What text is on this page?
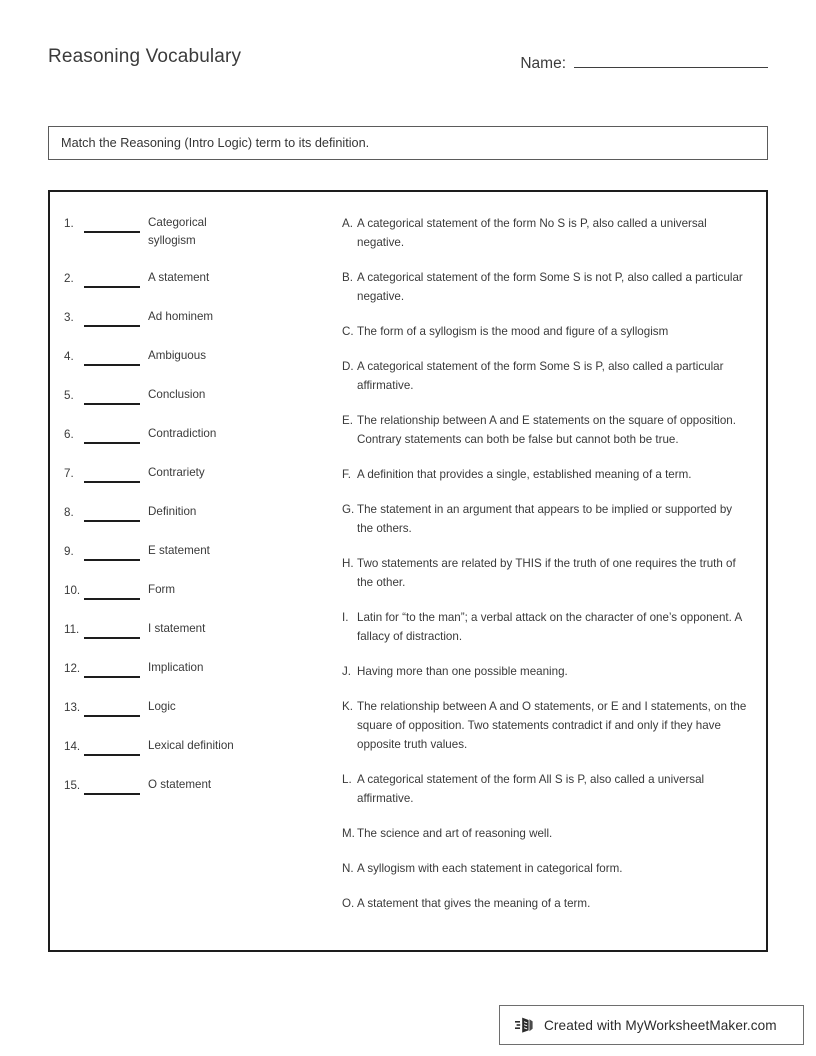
Reasoning Vocabulary	Name:
Match the Reasoning (Intro Logic) term to its definition.
1.	Categorical syllogism
2.	A statement
3.	Ad hominem
4.	Ambiguous
5.	Conclusion
6.	Contradiction
7.	Contrariety
8.	Definition
9.	E statement
10.	Form
11.	I statement
12.	Implication
13.	Logic
14.	Lexical definition
15.	O statement
A. A categorical statement of the form No S is P, also called a universal negative.
B. A categorical statement of the form Some S is not P, also called a particular negative.
C. The form of a syllogism is the mood and figure of a syllogism
D. A categorical statement of the form Some S is P, also called a particular affirmative.
E. The relationship between A and E statements on the square of opposition. Contrary statements can both be false but cannot both be true.
F. A definition that provides a single, established meaning of a term.
G. The statement in an argument that appears to be implied or supported by the others.
H. Two statements are related by THIS if the truth of one requires the truth of the other.
I. Latin for “to the man”; a verbal attack on the character of one’s opponent. A fallacy of distraction.
J. Having more than one possible meaning.
K. The relationship between A and O statements, or E and I statements, on the square of opposition. Two statements contradict if and only if they have opposite truth values.
L. A categorical statement of the form All S is P, also called a universal affirmative.
M. The science and art of reasoning well.
N. A syllogism with each statement in categorical form.
O. A statement that gives the meaning of a term.
Created with MyWorksheetMaker.com
